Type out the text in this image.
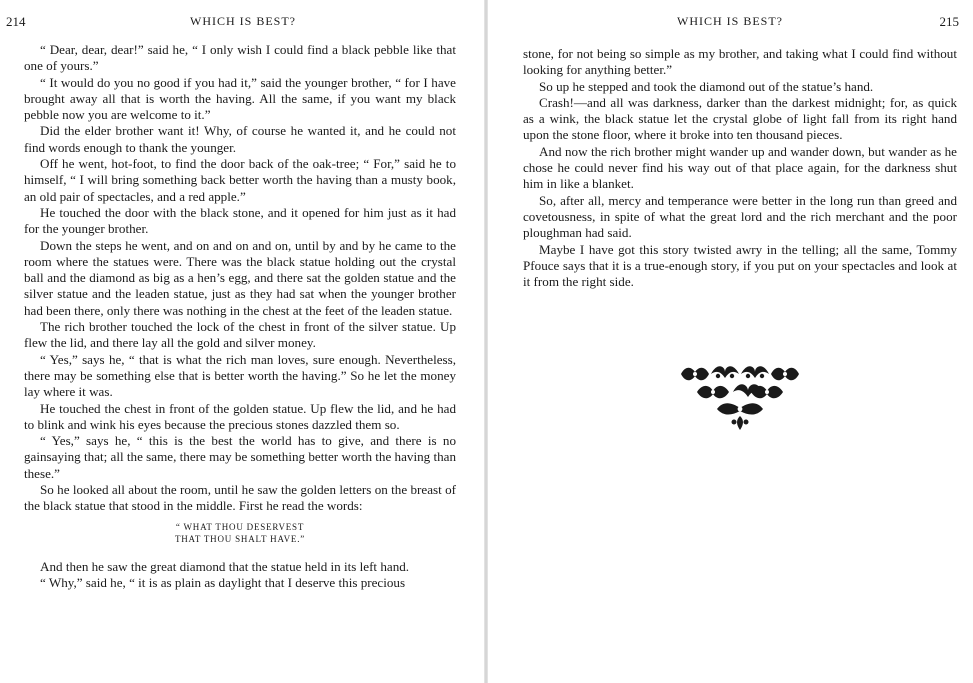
214	WHICH IS BEST?

“ Dear, dear, dear!” said he, “ I only wish I could find a black pebble like that one of yours.”

“ It would do you no good if you had it,” said the younger brother, “ for I have brought away all that is worth the having. All the same, if you want my black pebble now you are welcome to it.”

Did the elder brother want it! Why, of course he wanted it, and he could not find words enough to thank the younger.

Off he went, hot-foot, to find the door back of the oak-tree; “ For,” said he to himself, “ I will bring something back better worth the having than a musty book, an old pair of spectacles, and a red apple.”

He touched the door with the black stone, and it opened for him just as it had for the younger brother.

Down the steps he went, and on and on and on, until by and by he came to the room where the statues were. There was the black statue holding out the crystal ball and the diamond as big as a hen’s egg, and there sat the golden statue and the silver statue and the leaden statue, just as they had sat when the younger brother had been there, only there was nothing in the chest at the feet of the leaden statue.

The rich brother touched the lock of the chest in front of the silver statue. Up flew the lid, and there lay all the gold and silver money.

“ Yes,” says he, “ that is what the rich man loves, sure enough. Nevertheless, there may be something else that is better worth the having.” So he let the money lay where it was.

He touched the chest in front of the golden statue. Up flew the lid, and he had to blink and wink his eyes because the precious stones dazzled them so.

“ Yes,” says he, “ this is the best the world has to give, and there is no gainsaying that; all the same, there may be something better worth the having than these.”

So he looked all about the room, until he saw the golden letters on the breast of the black statue that stood in the middle. First he read the words:

“ WHAT THOU DESERVEST
THAT THOU SHALT HAVE.”

And then he saw the great diamond that the statue held in its left hand.

“ Why,” said he, “ it is as plain as daylight that I deserve this precious

WHICH IS BEST?	215

stone, for not being so simple as my brother, and taking what I could find without looking for anything better.”

So up he stepped and took the diamond out of the statue’s hand.

Crash!—and all was darkness, darker than the darkest midnight; for, as quick as a wink, the black statue let the crystal globe of light fall from its right hand upon the stone floor, where it broke into ten thousand pieces.

And now the rich brother might wander up and wander down, but wander as he chose he could never find his way out of that place again, for the darkness shut him in like a blanket.

So, after all, mercy and temperance were better in the long run than greed and covetousness, in spite of what the great lord and the rich merchant and the poor ploughman had said.

Maybe I have got this story twisted awry in the telling; all the same, Tommy Pfouce says that it is a true-enough story, if you put on your spectacles and look at it from the right side.
